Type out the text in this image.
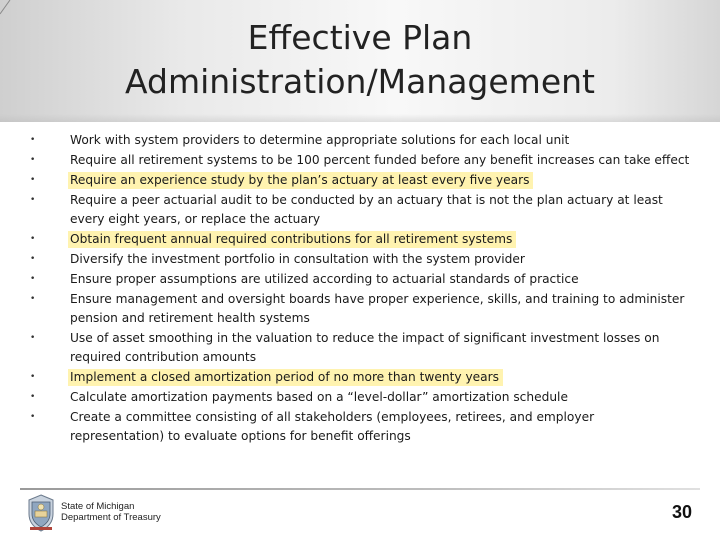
Effective Plan
Administration/Management
•	Work with system providers to determine appropriate solutions for each local unit
•	Require all retirement systems to be 100 percent funded before any benefit increases can take effect
•	Require an experience study by the plan’s actuary at least every five years
•	Require a peer actuarial audit to be conducted by an actuary that is not the plan actuary at least every eight years, or replace the actuary
•	Obtain frequent annual required contributions for all retirement systems
•	Diversify the investment portfolio in consultation with the system provider
•	Ensure proper assumptions are utilized according to actuarial standards of practice
•	Ensure management and oversight boards have proper experience, skills, and training to administer pension and retirement health systems
•	Use of asset smoothing in the valuation to reduce the impact of significant investment losses on required contribution amounts
•	Implement a closed amortization period of no more than twenty years
•	Calculate amortization payments based on a “level-dollar” amortization schedule
•	Create a committee consisting of all stakeholders (employees, retirees, and employer representation) to evaluate options for benefit offerings
State of Michigan
Department of Treasury	30
